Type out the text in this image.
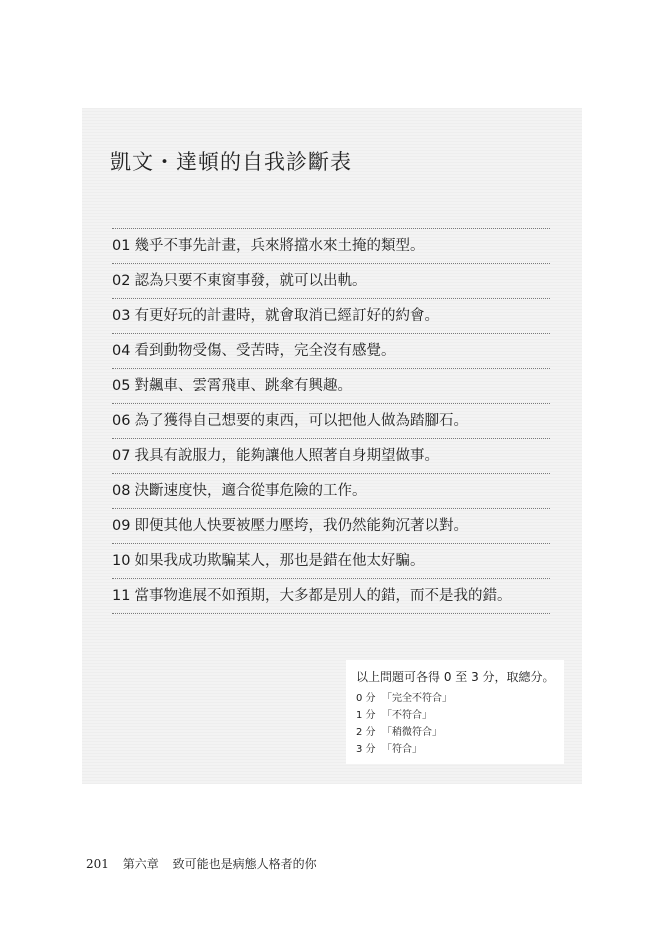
凱文・達頓的自我診斷表
01 幾乎不事先計畫，兵來將擋水來土掩的類型。
02 認為只要不東窗事發，就可以出軌。
03 有更好玩的計畫時，就會取消已經訂好的約會。
04 看到動物受傷、受苦時，完全沒有感覺。
05 對飆車、雲霄飛車、跳傘有興趣。
06 為了獲得自己想要的東西，可以把他人做為踏腳石。
07 我具有說服力，能夠讓他人照著自身期望做事。
08 決斷速度快，適合從事危險的工作。
09 即便其他人快要被壓力壓垮，我仍然能夠沉著以對。
10 如果我成功欺騙某人，那也是錯在他太好騙。
11 當事物進展不如預期，大多都是別人的錯，而不是我的錯。
以上問題可各得 0 至 3 分，取總分。
0 分 「完全不符合」
1 分 「不符合」
2 分 「稍微符合」
3 分 「符合」
201 第六章 致可能也是病態人格者的你
